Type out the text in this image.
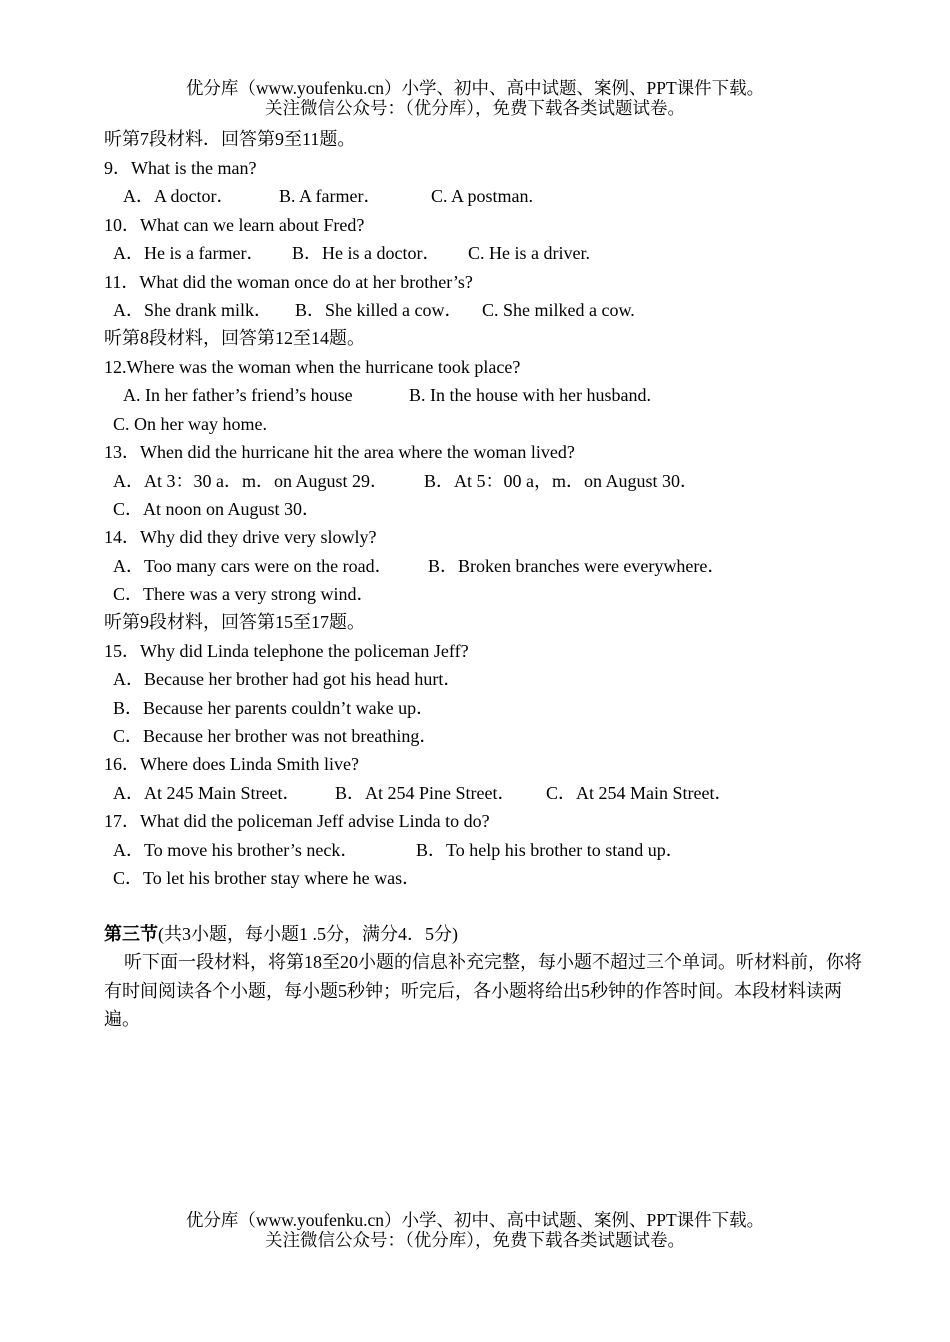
优分库（www.youfenku.cn）小学、初中、高中试题、案例、PPT课件下载。
关注微信公众号：（优分库），免费下载各类试题试卷。
听第7段材料．回答第9至11题。
9．What is the man?
A．A doctor． B. A farmer．	C. A postman.
10．What can we learn about Fred?
A．He is a farmer． B．He is a doctor． C. He is a driver.
11．What did the woman once do at her brother’s?
A．She drank milk． B．She killed a cow． C. She milked a cow.
听第8段材料，回答第12至14题。
12.Where was the woman when the hurricane took place?
A. In her father’s friend’s house	B. In the house with her husband.
C. On her way home.
13．When did the hurricane hit the area where the woman lived?
A．At 3：30 a．m．on August 29． B．At 5：00 a，m．on August 30．
C．At noon on August 30．
14．Why did they drive very slowly?
A．Too many cars were on the road． B．Broken branches were everywhere．
C．There was a very strong wind．
听第9段材料，回答第15至17题。
15．Why did Linda telephone the policeman Jeff?
A．Because her brother had got his head hurt．
B．Because her parents couldn’t wake up．
C．Because her brother was not breathing．
16．Where does Linda Smith live?
A．At 245 Main Street． B．At 254 Pine Street． C．At 254 Main Street．
17．What did the policeman Jeff advise Linda to do?
A．To move his brother’s neck．	B．To help his brother to stand up．
C．To let his brother stay where he was．
第三节(共3小题，每小题1 .5分，满分4．5分)
听下面一段材料，将第18至20小题的信息补充完整，每小题不超过三个单词。听材料前，你将有时间阅读各个小题，每小题5秒钟；听完后，各小题将给出5秒钟的作答时间。本段材料读两遍。
优分库（www.youfenku.cn）小学、初中、高中试题、案例、PPT课件下载。
关注微信公众号：（优分库），免费下载各类试题试卷。
